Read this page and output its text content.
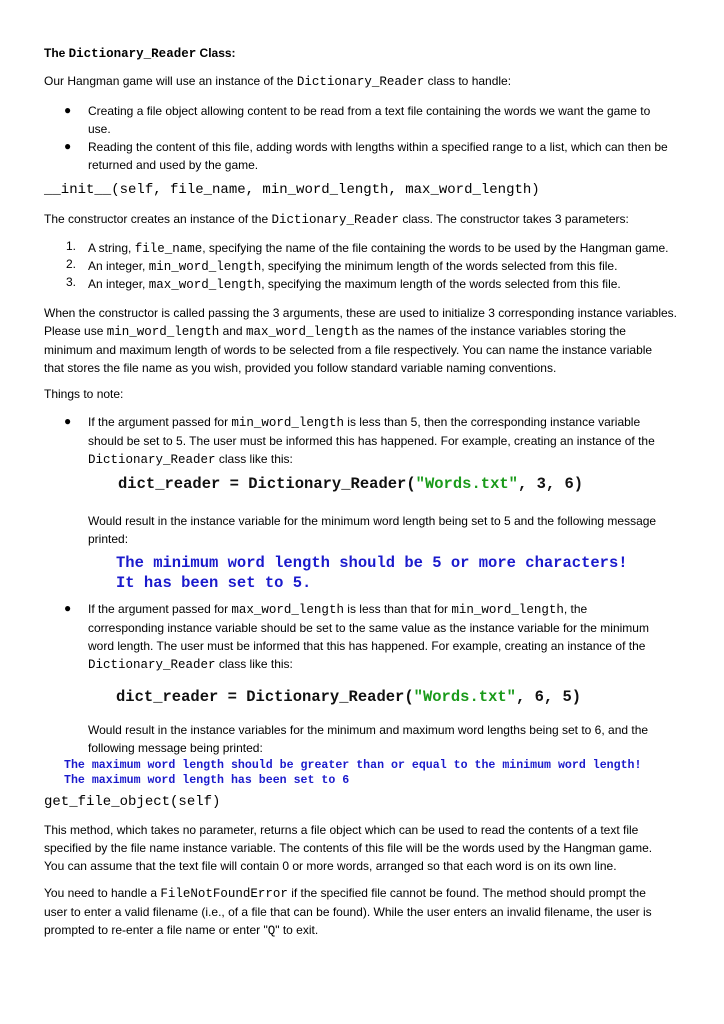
The Dictionary_Reader Class:
Our Hangman game will use an instance of the Dictionary_Reader class to handle:
● Creating a file object allowing content to be read from a text file containing the words we want the game to
use.
● Reading the content of this file, adding words with lengths within a specified range to a list, which can then be
returned and used by the game.
__init__(self, file_name, min_word_length, max_word_length)
The constructor creates an instance of the Dictionary_Reader class. The constructor takes 3 parameters:
1. A string, file_name, specifying the name of the file containing the words to be used by the Hangman game.
2. An integer, min_word_length, specifying the minimum length of the words selected from this file.
3. An integer, max_word_length, specifying the maximum length of the words selected from this file.
When the constructor is called passing the 3 arguments, these are used to initialize 3 corresponding instance variables.
Please use min_word_length and max_word_length as the names of the instance variables storing the
minimum and maximum length of words to be selected from a file respectively. You can name the instance variable
that stores the file name as you wish, provided you follow standard variable naming conventions.
Things to note:
● If the argument passed for min_word_length is less than 5, then the corresponding instance variable
should be set to 5. The user must be informed this has happened. For example, creating an instance of the
Dictionary_Reader class like this:
dict_reader = Dictionary_Reader("Words.txt", 3, 6)
Would result in the instance variable for the minimum word length being set to 5 and the following message
printed:
The minimum word length should be 5 or more characters!
It has been set to 5.
● If the argument passed for max_word_length is less than that for min_word_length, the
corresponding instance variable should be set to the same value as the instance variable for the minimum
word length. The user must be informed that this has happened. For example, creating an instance of the
Dictionary_Reader class like this:
dict_reader = Dictionary_Reader("Words.txt", 6, 5)
Would result in the instance variables for the minimum and maximum word lengths being set to 6, and the
following message being printed:
The maximum word length should be greater than or equal to the minimum word length!
The maximum word length has been set to 6
get_file_object(self)
This method, which takes no parameter, returns a file object which can be used to read the contents of a text file
specified by the file name instance variable. The contents of this file will be the words used by the Hangman game.
You can assume that the text file will contain 0 or more words, arranged so that each word is on its own line.
You need to handle a FileNotFoundError if the specified file cannot be found. The method should prompt the
user to enter a valid filename (i.e., of a file that can be found). While the user enters an invalid filename, the user is
prompted to re-enter a file name or enter "Q" to exit.
